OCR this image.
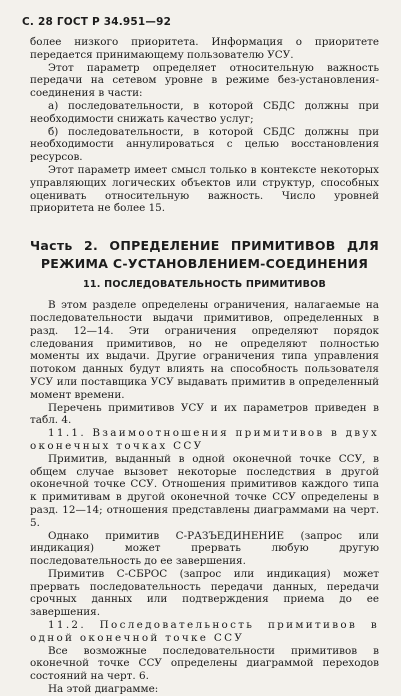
С. 28 ГОСТ Р 34.951—92

более низкого приоритета. Информация о приоритете передается принимающему пользователю УСУ.

Этот параметр определяет относительную важность передачи на сетевом уровне в режиме без-установления-соединения в части:

а) последовательности, в которой СБДС должны при необходимости снижать качество услуг;

б) последовательности, в которой СБДС должны при необходимости аннулироваться с целью восстановления ресурсов.

Этот параметр имеет смысл только в контексте некоторых управляющих логических объектов или структур, способных оценивать относительную важность. Число уровней приоритета не более 15.

Часть 2. ОПРЕДЕЛЕНИЕ ПРИМИТИВОВ ДЛЯ РЕЖИМА С-УСТАНОВЛЕНИЕМ-СОЕДИНЕНИЯ
11. ПОСЛЕДОВАТЕЛЬНОСТЬ ПРИМИТИВОВ

В этом разделе определены ограничения, налагаемые на последовательности выдачи примитивов, определенных в разд. 12—14. Эти ограничения определяют порядок следования примитивов, но не определяют полностью моменты их выдачи. Другие ограничения типа управления потоком данных будут влиять на способность пользователя УСУ или поставщика УСУ выдавать примитив в определенный момент времени.

Перечень примитивов УСУ и их параметров приведен в табл. 4.

11.1. Взаимоотношения примитивов в двух оконечных точках ССУ

Примитив, выданный в одной оконечной точке ССУ, в общем случае вызовет некоторые последствия в другой оконечной точке ССУ. Отношения примитивов каждого типа к примитивам в другой оконечной точке ССУ определены в разд. 12—14; отношения представлены диаграммами на черт. 5.

Однако примитив С-РАЗЪЕДИНЕНИЕ (запрос или индикация) может прервать любую другую последовательность до ее завершения.

Примитив С-СБРОС (запрос или индикация) может прервать последовательность передачи данных, передачи срочных данных или подтверждения приема до ее завершения.

11.2. Последовательность примитивов в одной оконечной точке ССУ

Все возможные последовательности примитивов в оконечной точке ССУ определены диаграммой переходов состояний на черт. 6.

На этой диаграмме:
